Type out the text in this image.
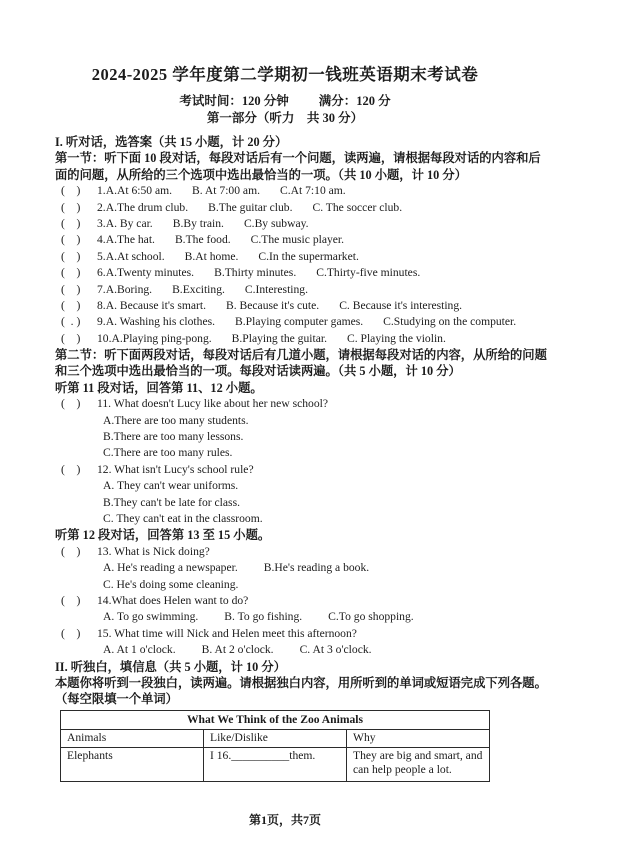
2024-2025 学年度第二学期初一钱班英语期末考试卷
考试时间：120 分钟 满分：120 分
第一部分（听力　共 30 分）
I. 听对话，选答案（共 15 小题，计 20 分）
第一节：听下面 10 段对话，每段对话后有一个问题，读两遍，请根据每段对话的内容和后
面的问题，从所给的三个选项中选出最恰当的一项。（共 10 小题，计 10 分）
(    ) 1.A.At 6:50 am. B. At 7:00 am. C.At 7:10 am.
(    ) 2.A.The drum club. B.The guitar club. C. The soccer club.
(    ) 3.A. By car. B.By train. C.By subway.
(    ) 4.A.The hat. B.The food. C.The music player.
(    ) 5.A.At school. B.At home. C.In the supermarket.
(    ) 6.A.Twenty minutes. B.Thirty minutes. C.Thirty-five minutes.
(    ) 7.A.Boring. B.Exciting. C.Interesting.
(    ) 8.A. Because it's smart. B. Because it's cute. C. Because it's interesting.
(  . ) 9.A. Washing his clothes. B.Playing computer games. C.Studying on the computer.
(    ) 10.A.Playing ping-pong. B.Playing the guitar. C. Playing the violin.
第二节：听下面两段对话，每段对话后有几道小题，请根据每段对话的内容，从所给的问题
和三个选项中选出最恰当的一项。每段对话读两遍。（共 5 小题，计 10 分）
听第 11 段对话，回答第 11、12 小题。
(    ) 11. What doesn't Lucy like about her new school?
A.There are too many students.
B.There are too many lessons.
C.There are too many rules.
(    ) 12. What isn't Lucy's school rule?
A. They can't wear uniforms.
B.They can't be late for class.
C. They can't eat in the classroom.
听第 12 段对话，回答第 13 至 15 小题。
(    ) 13. What is Nick doing?
A. He's reading a newspaper. B.He's reading a book.
C. He's doing some cleaning.
(    ) 14.What does Helen want to do?
A. To go swimming. B. To go fishing. C.To go shopping.
(    ) 15. What time will Nick and Helen meet this afternoon?
A. At 1 o'clock. B. At 2 o'clock. C. At 3 o'clock.
II. 听独白，填信息（共 5 小题，计 10 分）
本题你将听到一段独白，读两遍。请根据独白内容，用所听到的单词或短语完成下列各题。
（每空限填一个单词）
What We Think of the Zoo Animals		
Animals	Like/Dislike	Why
Elephants	I 16.__________them.	They are big and smart, and
can help people a lot.
第1页，共7页
